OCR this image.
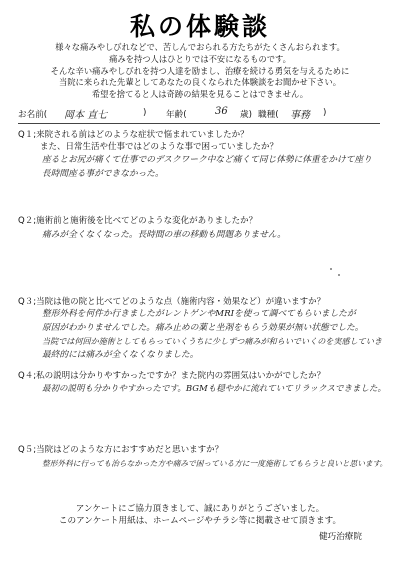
私の体験談
様々な痛みやしびれなどで、苦しんでおられる方たちがたくさんおられます。
痛みを持つ人はひとりでは不安になるものです。
そんな辛い痛みやしびれを持つ人達を励まし、治療を続ける勇気を与えるために
当院に来られた先輩としてあなたの良くなられた体験談をお聞かせ下さい。
希望を捨てると人は奇跡の結果を見ることはできません。
お名前( 岡本 直七	) 年齢(	36 歳) 職種( 事務 )
Q１;来院される前はどのような症状で悩まれていましたか？
また、日常生活や仕事ではどのような事で困っていましたか？
座るとお尻が痛くて仕事でのデスクワーク中など痛くて同じ体勢に体重をかけて座り
長時間座る事ができなかった。
Q２;施術前と施術後を比べてどのような変化がありましたか？
痛みが全くなくなった。長時間の車の移動も問題ありません。
Q３;当院は他の院と比べてどのような点（施術内容・効果など）が違いますか？
整形外科を何件か行きましたがレントゲンやMRIを使って調べてもらいましたが
原因がわかりませんでした。痛み止めの薬と坐剤をもらう効果が無い状態でした。
当院では何回か施術としてもらっていくうちに少しずつ痛みが和らいでいくのを実感していき
最終的には痛みが全くなくなりました。
Q４;私の説明は分かりやすかったですか？また院内の雰囲気はいかがでしたか？
最初の説明も分かりやすかったです。BGMも穏やかに流れていてリラックスできました。
Q５;当院はどのような方におすすめだと思いますか？
整形外科に行っても治らなかった方や痛みで困っている方に一度施術してもらうと良いと思います。
アンケートにご協力頂きまして、誠にありがとうございました。
このアンケート用紙は、ホームページやチラシ等に掲載させて頂きます。
健巧治療院
